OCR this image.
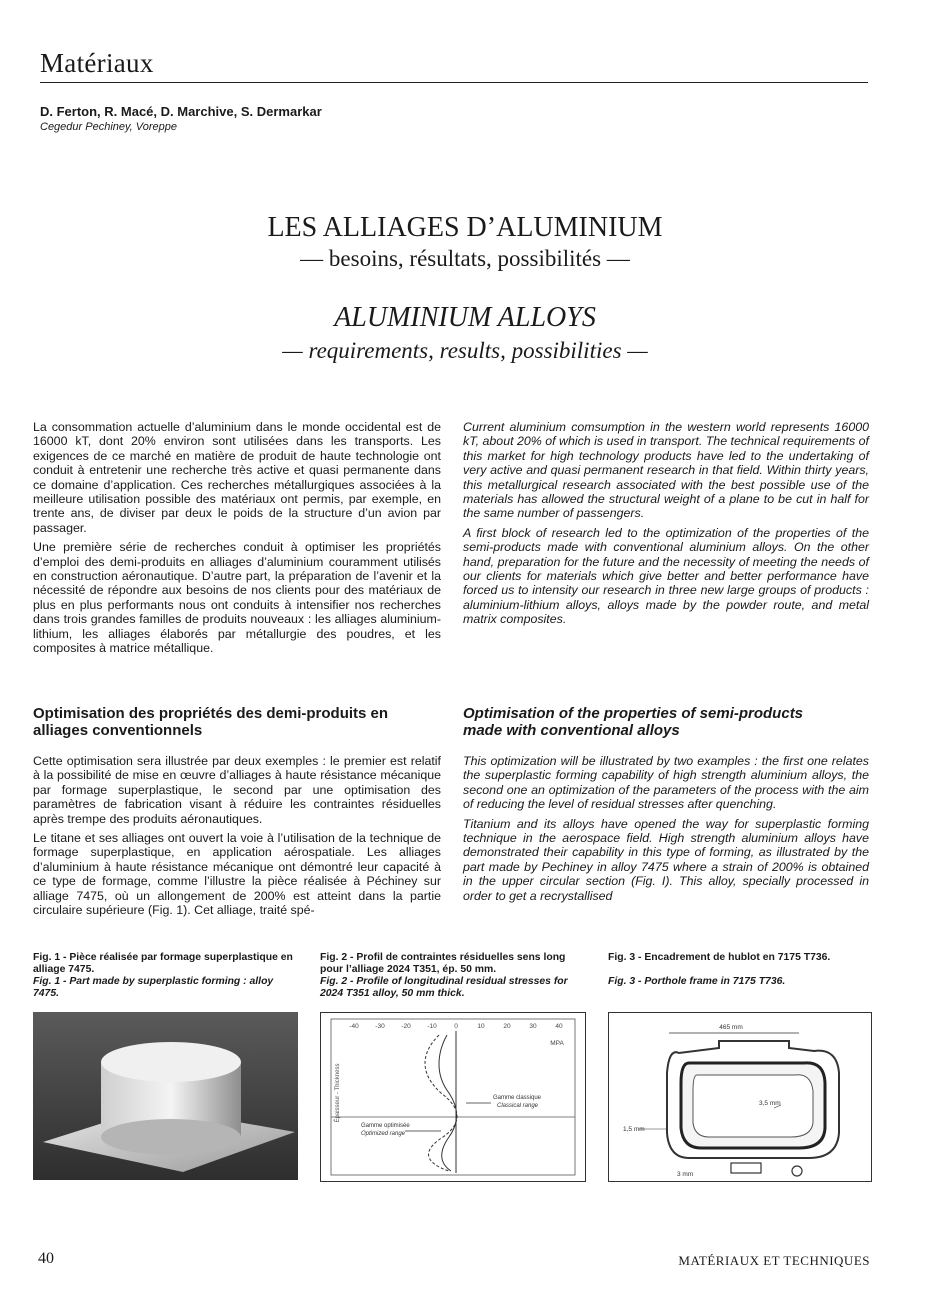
Matériaux
D. Ferton, R. Macé, D. Marchive, S. Dermarkar
Cegedur Pechiney, Voreppe
LES ALLIAGES D’ALUMINIUM
— besoins, résultats, possibilités —
ALUMINIUM ALLOYS
— requirements, results, possibilities —

La consommation actuelle d’aluminium dans le monde occidental est de 16000 kT, dont 20% environ sont utilisées dans les transports. Les exigences de ce marché en matière de produit de haute technologie ont conduit à entretenir une recherche très active et quasi permanente dans ce domaine d’application. Ces recherches métallurgiques associées à la meilleure utilisation possible des matériaux ont permis, par exemple, en trente ans, de diviser par deux le poids de la structure d’un avion par passager.

Une première série de recherches conduit à optimiser les propriétés d’emploi des demi-produits en alliages d’aluminium couramment utilisés en construction aéronautique. D’autre part, la préparation de l’avenir et la nécessité de répondre aux besoins de nos clients pour des matériaux de plus en plus performants nous ont conduits à intensifier nos recherches dans trois grandes familles de produits nouveaux : les alliages aluminium-lithium, les alliages élaborés par métallurgie des poudres, et les composites à matrice métallique.

Current aluminium comsumption in the western world represents 16000 kT, about 20% of which is used in transport. The technical requirements of this market for high technology products have led to the undertaking of very active and quasi permanent research in that field. Within thirty years, this metallurgical research associated with the best possible use of the materials has allowed the structural weight of a plane to be cut in half for the same number of passengers.

A first block of research led to the optimization of the properties of the semi-products made with conventional aluminium alloys. On the other hand, preparation for the future and the necessity of meeting the needs of our clients for materials which give better and better performance have forced us to intensity our research in three new large groups of products : aluminium-lithium alloys, alloys made by the powder route, and metal matrix composites.

Optimisation des propriétés des demi-produits en alliages conventionnels
Optimisation of the properties of semi-products made with conventional alloys

Cette optimisation sera illustrée par deux exemples : le premier est relatif à la possibilité de mise en œuvre d’alliages à haute résistance mécanique par formage superplastique, le second par une optimisation des paramètres de fabrication visant à réduire les contraintes résiduelles après trempe des produits aéronautiques.

Le titane et ses alliages ont ouvert la voie à l’utilisation de la technique de formage superplastique, en application aérospatiale. Les alliages d’aluminium à haute résistance mécanique ont démontré leur capacité à ce type de formage, comme l’illustre la pièce réalisée à Péchiney sur alliage 7475, où un allongement de 200% est atteint dans la partie circulaire supérieure (Fig. 1). Cet alliage, traité spé-

This optimization will be illustrated by two examples : the first one relates the superplastic forming capability of high strength aluminium alloys, the second one an optimization of the parameters of the process with the aim of reducing the level of residual stresses after quenching.

Titanium and its alloys have opened the way for superplastic forming technique in the aerospace field. High strength aluminium alloys have demonstrated their capability in this type of forming, as illustrated by the part made by Pechiney in alloy 7475 where a strain of 200% is obtained in the upper circular section (Fig. I). This alloy, specially processed in order to get a recrystallised

Fig. 1 - Pièce réalisée par formage superplastique en alliage 7475.
Fig. 1 - Part made by superplastic forming : alloy 7475.
Fig. 2 - Profil de contraintes résiduelles sens long pour l’alliage 2024 T351, ép. 50 mm.
Fig. 2 - Profile of longitudinal residual stresses for 2024 T351 alloy, 50 mm thick.
-40	-30	-20	-10	0	10	20	30	40
MPA
Épaisseur - Thickness	Gamme classique
Classical range
Gamme optimisée
Optimized range
Fig. 3 - Encadrement de hublot en 7175 T736.
Fig. 3 - Porthole frame in 7175 T736.
465 mm
3,5 mm
1,5 mm
3 mm
40	MATÉRIAUX ET TECHNIQUES
